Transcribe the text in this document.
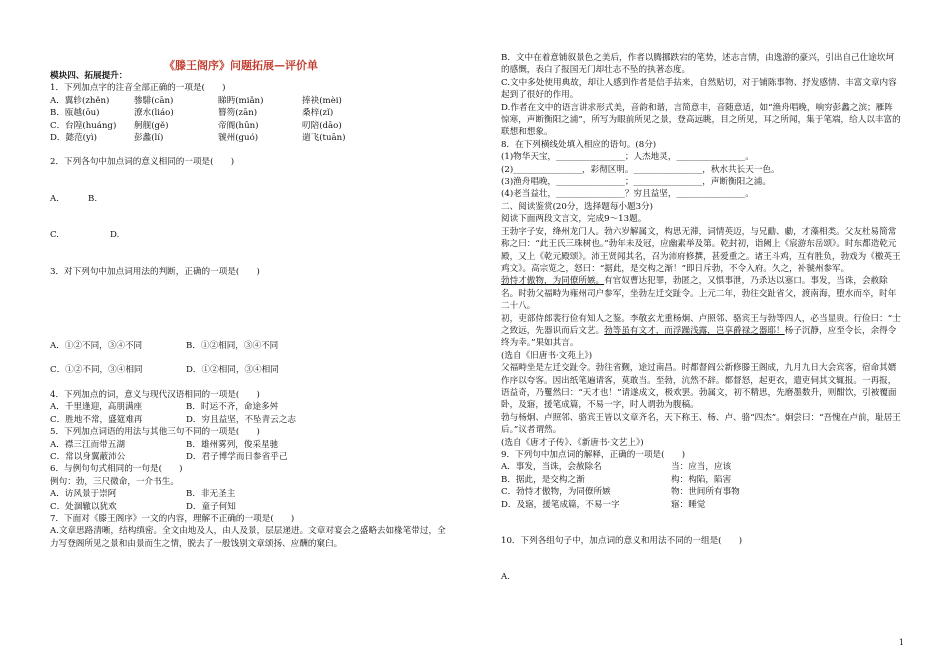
《滕王阁序》问题拓展—评价单
模块四、拓展提升：
1．下列加点字的注音全部正确的一项是(　　)
A．翼轸(zhěn)	骖騑(cān)	睇眄(miǎn)	捧袂(mèi)
B．瓯越(ōu)	潦水(liáo)	簪笏(zān)	桑梓(zǐ)
C．台隍(huáng)	舸舰(gě)	帝阍(hūn)	叨陪(dāo)
D．懿范(yì)	彭蠡(lí)	虢州(guó)	遄飞(tuān)
2．下列各句中加点词的意义相同的一项是(　　)
A.	B.
C.	D.
3．对下列句中加点词用法的判断，正确的一项是(　　)
A．①②不同，③④不同	B．①②相同，③④不同
C．①②不同，③④相同	D．①②相同，③④相同
4．下列加点的词，意义与现代汉语相同的一项是(　　)
A．千里逢迎，高朋满座	B．时运不齐，命途多舛
C．胜地不常，盛筵难再	D．穷且益坚，不坠青云之志
5．下列加点词语的用法与其他三句不同的一项是(　　)
A．襟三江而带五湖	B．雄州雾列，俊采星驰
C．常以身翼蔽沛公	D．君子博学而日参省乎己
6．与例句句式相同的一句是(　　)
例句：勃，三尺微命，一介书生。
A．访风景于崇阿	B．非无圣主
C．处涸辙以犹欢	D．童子何知
7．下面对《滕王阁序》一文的内容，理解不正确的一项是(　　)
A.文章思路清晰，结构缜密。全文由地及人，由人及景，层层递进。文章对宴会之盛略去如椽笔带过，全力写登阁所见之景和由景而生之情，脱去了一般饯别文章颂扬、应酬的窠臼。
B．文中在着意铺叙景色之美后，作者以腾挪跌宕的笔势，述志言情，由逸游的豪兴，引出自己仕途坎坷的感慨，表白了报国无门却壮志不坠的执著态度。
C.文中多处使用典故，却让人感到作者是信手拈来，自然贴切，对于铺陈事物、抒发感情、丰富文章内容起到了很好的作用。
D.作者在文中的语言讲求形式美，音韵和谐，言简意丰，音随意适，如“渔舟唱晚，响穷彭蠡之滨；雁阵惊寒，声断衡阳之浦”，所写为眼前所见之景，登高远眺，目之所见，耳之所闻，集于笔端，给人以丰富的联想和想象。
8．在下列横线处填入相应的语句。(8分)
(1)物华天宝，________________；人杰地灵，________________。
(2)________________，彩彻区明。________________，秋水共长天一色。
(3)渔舟唱晚，________________；________________，声断衡阳之浦。
(4)老当益壮，________________？穷且益坚，________________。
二、阅读鉴赏(20分，选择题每小题3分)
阅读下面两段文言文，完成9～13题。
王勃字子安，绛州龙门人。勃六岁解属文，构思无滞，词情英迈，与兄勔、勮，才藻相类。父友杜易简常称之曰：“此王氏三珠树也。”勃年未及冠，应幽素举及第。乾封初，诣阙上《宸游东岳颂》。时东都造乾元殿，又上《乾元殿颂》。沛王贤闻其名，召为沛府修撰，甚爱重之。诸王斗鸡，互有胜负，勃戏为《檄英王鸡文》。高宗览之，怒曰：“据此，是交构之渐！”即日斥勃，不令入府。久之，补虢州参军。
勃恃才傲物，为同僚所嫉。有官奴曹达犯罪，勃匿之，又惧事泄，乃杀达以塞口。事发，当诛，会赦除名。时勃父福畤为雍州司户参军，坐勃左迁交趾令。上元二年，勃往交趾省父，渡南海，堕水而卒，时年二十八。
初，吏部侍郎裴行俭有知人之鉴。李敬玄尤重杨炯、卢照邻、骆宾王与勃等四人，必当显贵。行俭曰：“士之致远，先器识而后文艺。勃等虽有文才，而浮躁浅露，岂享爵禄之器耶！杨子沉静，应至令长，余得令终为幸。”果如其言。
(选自《旧唐书·文苑上》)
父福畤坐是左迁交趾令。勃往省觐，途过南昌。时都督阎公新修滕王阁成，九月九日大会宾客，宿命其婿作序以夸客。因出纸笔遍请客，莫敢当。至勃，沆然不辞。都督怒，起更衣，遣吏伺其文辄报。一再报，语益奇，乃矍然曰：“天才也！”请遂成文，极欢罢。勃属文，初不精思，先磨墨数升，则酣饮，引被覆面卧，及寤，援笔成篇，不易一字，时人谓勃为腹稿。
勃与杨炯、卢照邻、骆宾王皆以文章齐名，天下称王、杨、卢、骆“四杰”。炯尝曰：“吾愧在卢前，耻居王后。”议者谓然。
(选自《唐才子传》、《新唐书·文艺上》)
9．下列句中加点词的解释，正确的一项是(　　)
A．事发，当诛，会赦除名	当：应当，应该
B．据此，是交构之渐	构：构陷，陷害
C．勃恃才傲物，为同僚所嫉	物：世间所有事物
D．及寤，援笔成篇，不易一字	寤：睡觉
10．下列各组句子中，加点词的意义和用法不同的一组是(　　)
A.
1
